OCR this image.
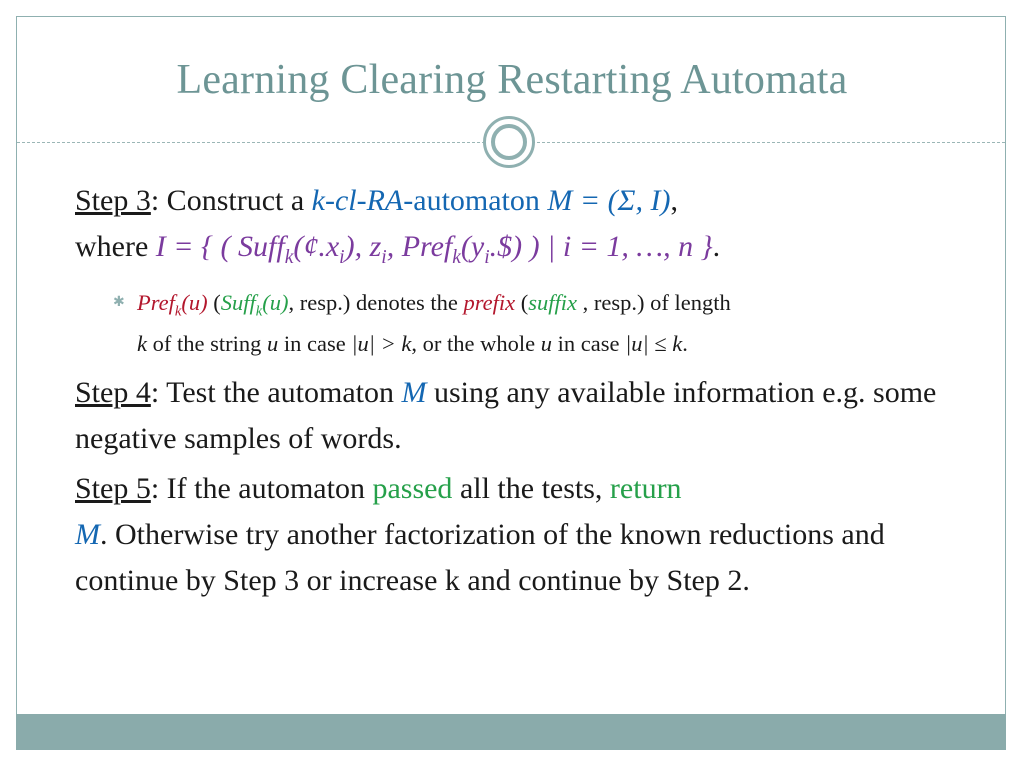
Learning Clearing Restarting Automata

Step 3: Construct a k-cl-RA-automaton M = (Σ, I),
where I = { ( $Suff_k(¢.x_i)$, $z_i$, $Pref_k(y_i.\$)$ ) | i = 1, …, n }.

✱ Pref$_k$(u) (Suff$_k$(u), resp.) denotes the prefix (suffix , resp.) of length
k of the string u in case |u| > k, or the whole u in case |u| ≤ k.

Step 4: Test the automaton M using any available information e.g. some negative samples of words.

Step 5: If the automaton passed all the tests, return
M. Otherwise try another factorization of the known reductions and continue by Step 3 or increase k and continue by Step 2.
